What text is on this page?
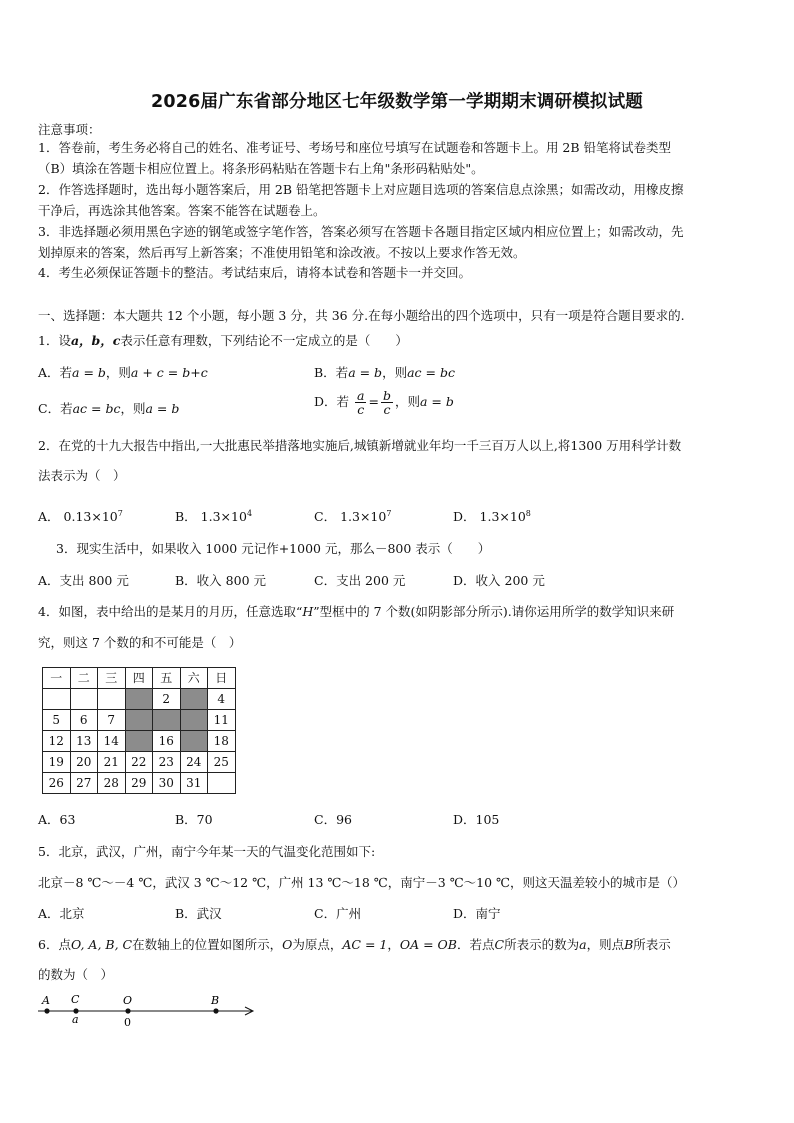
2026届广东省部分地区七年级数学第一学期期末调研模拟试题
注意事项：
1．答卷前，考生务必将自己的姓名、准考证号、考场号和座位号填写在试题卷和答题卡上。用 2B 铅笔将试卷类型
（B）填涂在答题卡相应位置上。将条形码粘贴在答题卡右上角"条形码粘贴处"。
2．作答选择题时，选出每小题答案后，用 2B 铅笔把答题卡上对应题目选项的答案信息点涂黑；如需改动，用橡皮擦
干净后，再选涂其他答案。答案不能答在试题卷上。
3．非选择题必须用黑色字迹的钢笔或签字笔作答，答案必须写在答题卡各题目指定区域内相应位置上；如需改动，先
划掉原来的答案，然后再写上新答案；不准使用铅笔和涂改液。不按以上要求作答无效。
4．考生必须保证答题卡的整洁。考试结束后，请将本试卷和答题卡一并交回。
一、选择题：本大题共 12 个小题，每小题 3 分，共 36 分.在每小题给出的四个选项中，只有一项是符合题目要求的.
1．设a，b，c表示任意有理数，下列结论不一定成立的是（　　）
A．若a = b，则a + c = b+c	B．若a = b，则ac = bc
C．若ac = bc，则a = b	D．若 $\frac{a}{c} = \frac{b}{c}$ ，则a = b
2．在党的十九大报告中指出,一大批惠民举措落地实施后,城镇新增就业年均一千三百万人以上,将1300 万用科学计数
法表示为（　）
A． $0.13\times 10^7$	B． $1.3\times 10^4$	C． $1.3\times 10^7$	D． $1.3\times 10^8$
3．现实生活中，如果收入 1000 元记作+1000 元，那么－800 表示（　　）
A．支出 800 元	B．收入 800 元	C．支出 200 元	D．收入 200 元
4．如图，表中给出的是某月的月历，任意选取“H”型框中的 7 个数(如阴影部分所示).请你运用所学的数学知识来研
究，则这 7 个数的和不可能是（　）
一	二	三	四	五	六	日
				2		4
5	6	7				11
12	13	14		16		18
19	20	21	22	23	24	25
26	27	28	29	30	31	
A．63	B．70	C．96	D．105
5．北京，武汉，广州，南宁今年某一天的气温变化范围如下:
北京－8 ℃～－4 ℃，武汉 3 ℃～12 ℃，广州 13 ℃～18 ℃，南宁－3 ℃～10 ℃，则这天温差较小的城市是（）
A．北京	B．武汉	C．广州	D．南宁
6．点O, A, B, C在数轴上的位置如图所示，O为原点，AC = 1，OA = OB．若点C所表示的数为a，则点B所表示
的数为（　）
A C	O	B
a	0
